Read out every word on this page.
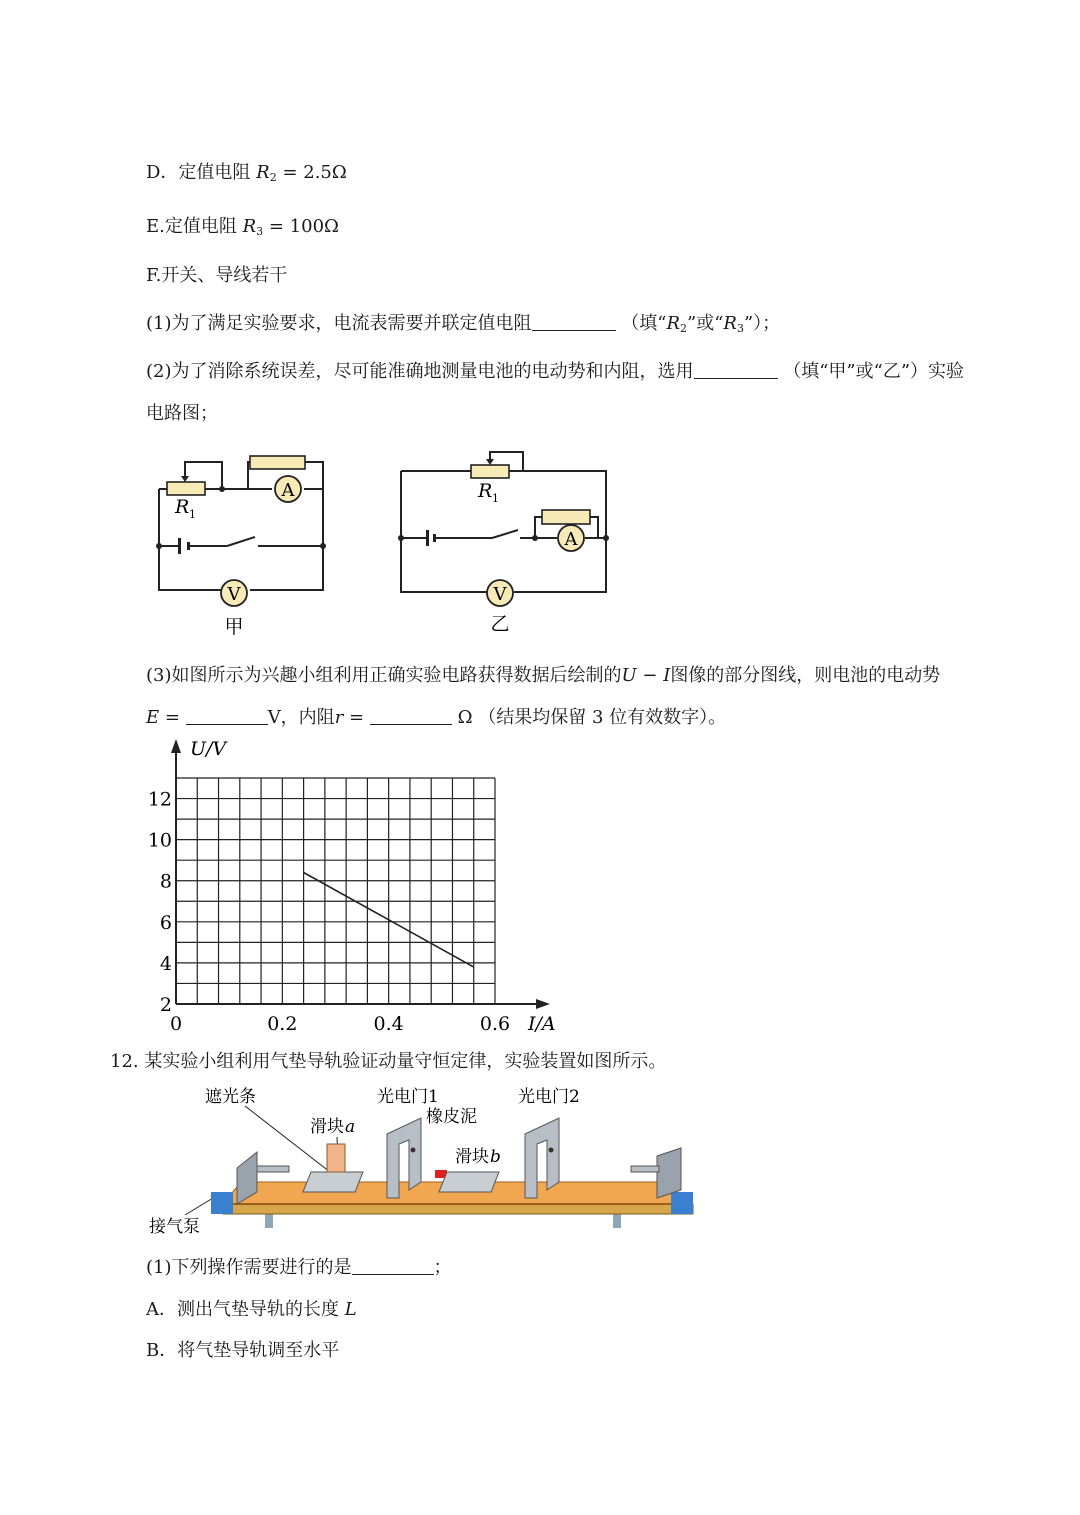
D．定值电阻 $R_2 = 2.5\Omega$
E.定值电阻 $R_3 = 100\Omega$
F.开关、导线若干
(1)为了满足实验要求，电流表需要并联定值电阻	（填“$R_2$”或“$R_3$”）；
(2)为了消除系统误差，尽可能准确地测量电池的电动势和内阻，选用	（填“甲”或“乙”）实验
电路图；
A
V
R 1
甲
A
V
R 1
乙
(3)如图所示为兴趣小组利用正确实验电路获得数据后绘制的U − I图像的部分图线，则电池的电动势
E =	V，内阻r =	Ω （结果均保留 3 位有效数字）。
U/V
I/A
0	0.2	0.4	0.6
2
4
6
8
10
12
12. 某实验小组利用气垫导轨验证动量守恒定律，实验装置如图所示。
遮光条	光电门1	光电门2
橡皮泥
滑块 a
滑块 b
接气泵
(1)下列操作需要进行的是	；
A．测出气垫导轨的长度 L
B．将气垫导轨调至水平
